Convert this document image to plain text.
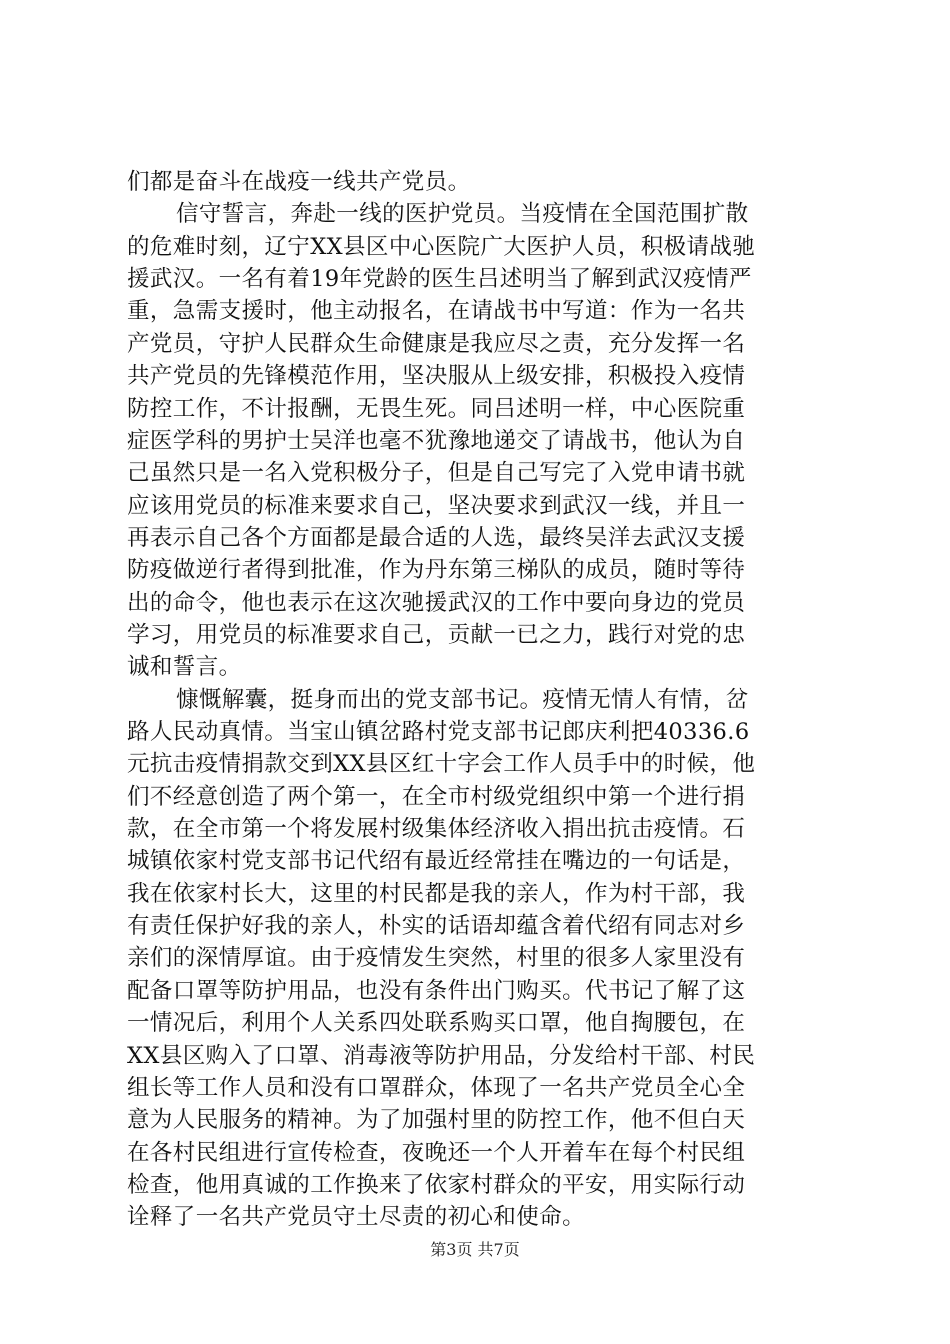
们都是奋斗在战疫一线共产党员。
信守誓言，奔赴一线的医护党员。当疫情在全国范围扩散
的危难时刻，辽宁XX县区中心医院广大医护人员，积极请战驰
援武汉。一名有着19年党龄的医生吕述明当了解到武汉疫情严
重，急需支援时，他主动报名，在请战书中写道：作为一名共
产党员，守护人民群众生命健康是我应尽之责，充分发挥一名
共产党员的先锋模范作用，坚决服从上级安排，积极投入疫情
防控工作，不计报酬，无畏生死。同吕述明一样，中心医院重
症医学科的男护士吴洋也毫不犹豫地递交了请战书，他认为自
己虽然只是一名入党积极分子，但是自己写完了入党申请书就
应该用党员的标准来要求自己，坚决要求到武汉一线，并且一
再表示自己各个方面都是最合适的人选，最终吴洋去武汉支援
防疫做逆行者得到批准，作为丹东第三梯队的成员，随时等待
出的命令，他也表示在这次驰援武汉的工作中要向身边的党员
学习，用党员的标准要求自己，贡献一已之力，践行对党的忠
诚和誓言。
慷慨解囊，挺身而出的党支部书记。疫情无情人有情，岔
路人民动真情。当宝山镇岔路村党支部书记郎庆利把40336.6
元抗击疫情捐款交到XX县区红十字会工作人员手中的时候，他
们不经意创造了两个第一，在全市村级党组织中第一个进行捐
款，在全市第一个将发展村级集体经济收入捐出抗击疫情。石
城镇依家村党支部书记代绍有最近经常挂在嘴边的一句话是，
我在依家村长大，这里的村民都是我的亲人，作为村干部，我
有责任保护好我的亲人，朴实的话语却蕴含着代绍有同志对乡
亲们的深情厚谊。由于疫情发生突然，村里的很多人家里没有
配备口罩等防护用品，也没有条件出门购买。代书记了解了这
一情况后，利用个人关系四处联系购买口罩，他自掏腰包，在
XX县区购入了口罩、消毒液等防护用品，分发给村干部、村民
组长等工作人员和没有口罩群众，体现了一名共产党员全心全
意为人民服务的精神。为了加强村里的防控工作，他不但白天
在各村民组进行宣传检查，夜晚还一个人开着车在每个村民组
检查，他用真诚的工作换来了依家村群众的平安，用实际行动
第3页 共7页
诠释了一名共产党员守土尽责的初心和使命。
